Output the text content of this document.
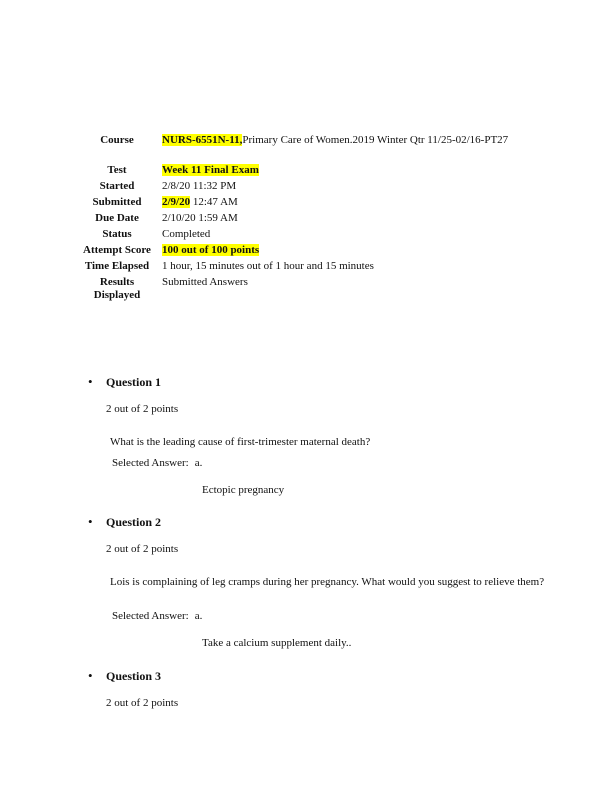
Course	NURS-6551N-11,Primary Care of Women.2019 Winter Qtr 11/25-02/16-PT27
Test	Week 11 Final Exam
Started	2/8/20 11:32 PM
Submitted	2/9/20 12:47 AM
Due Date	2/10/20 1:59 AM
Status	Completed
Attempt Score	100 out of 100 points
Time Elapsed	1 hour, 15 minutes out of 1 hour and 15 minutes
Results Displayed	Submitted Answers
• Question 1
2 out of 2 points
What is the leading cause of first-trimester maternal death?
Selected Answer: a.
Ectopic pregnancy
• Question 2
2 out of 2 points
Lois is complaining of leg cramps during her pregnancy. What would you suggest to relieve them?
Selected Answer: a.
Take a calcium supplement daily..
• Question 3
2 out of 2 points
